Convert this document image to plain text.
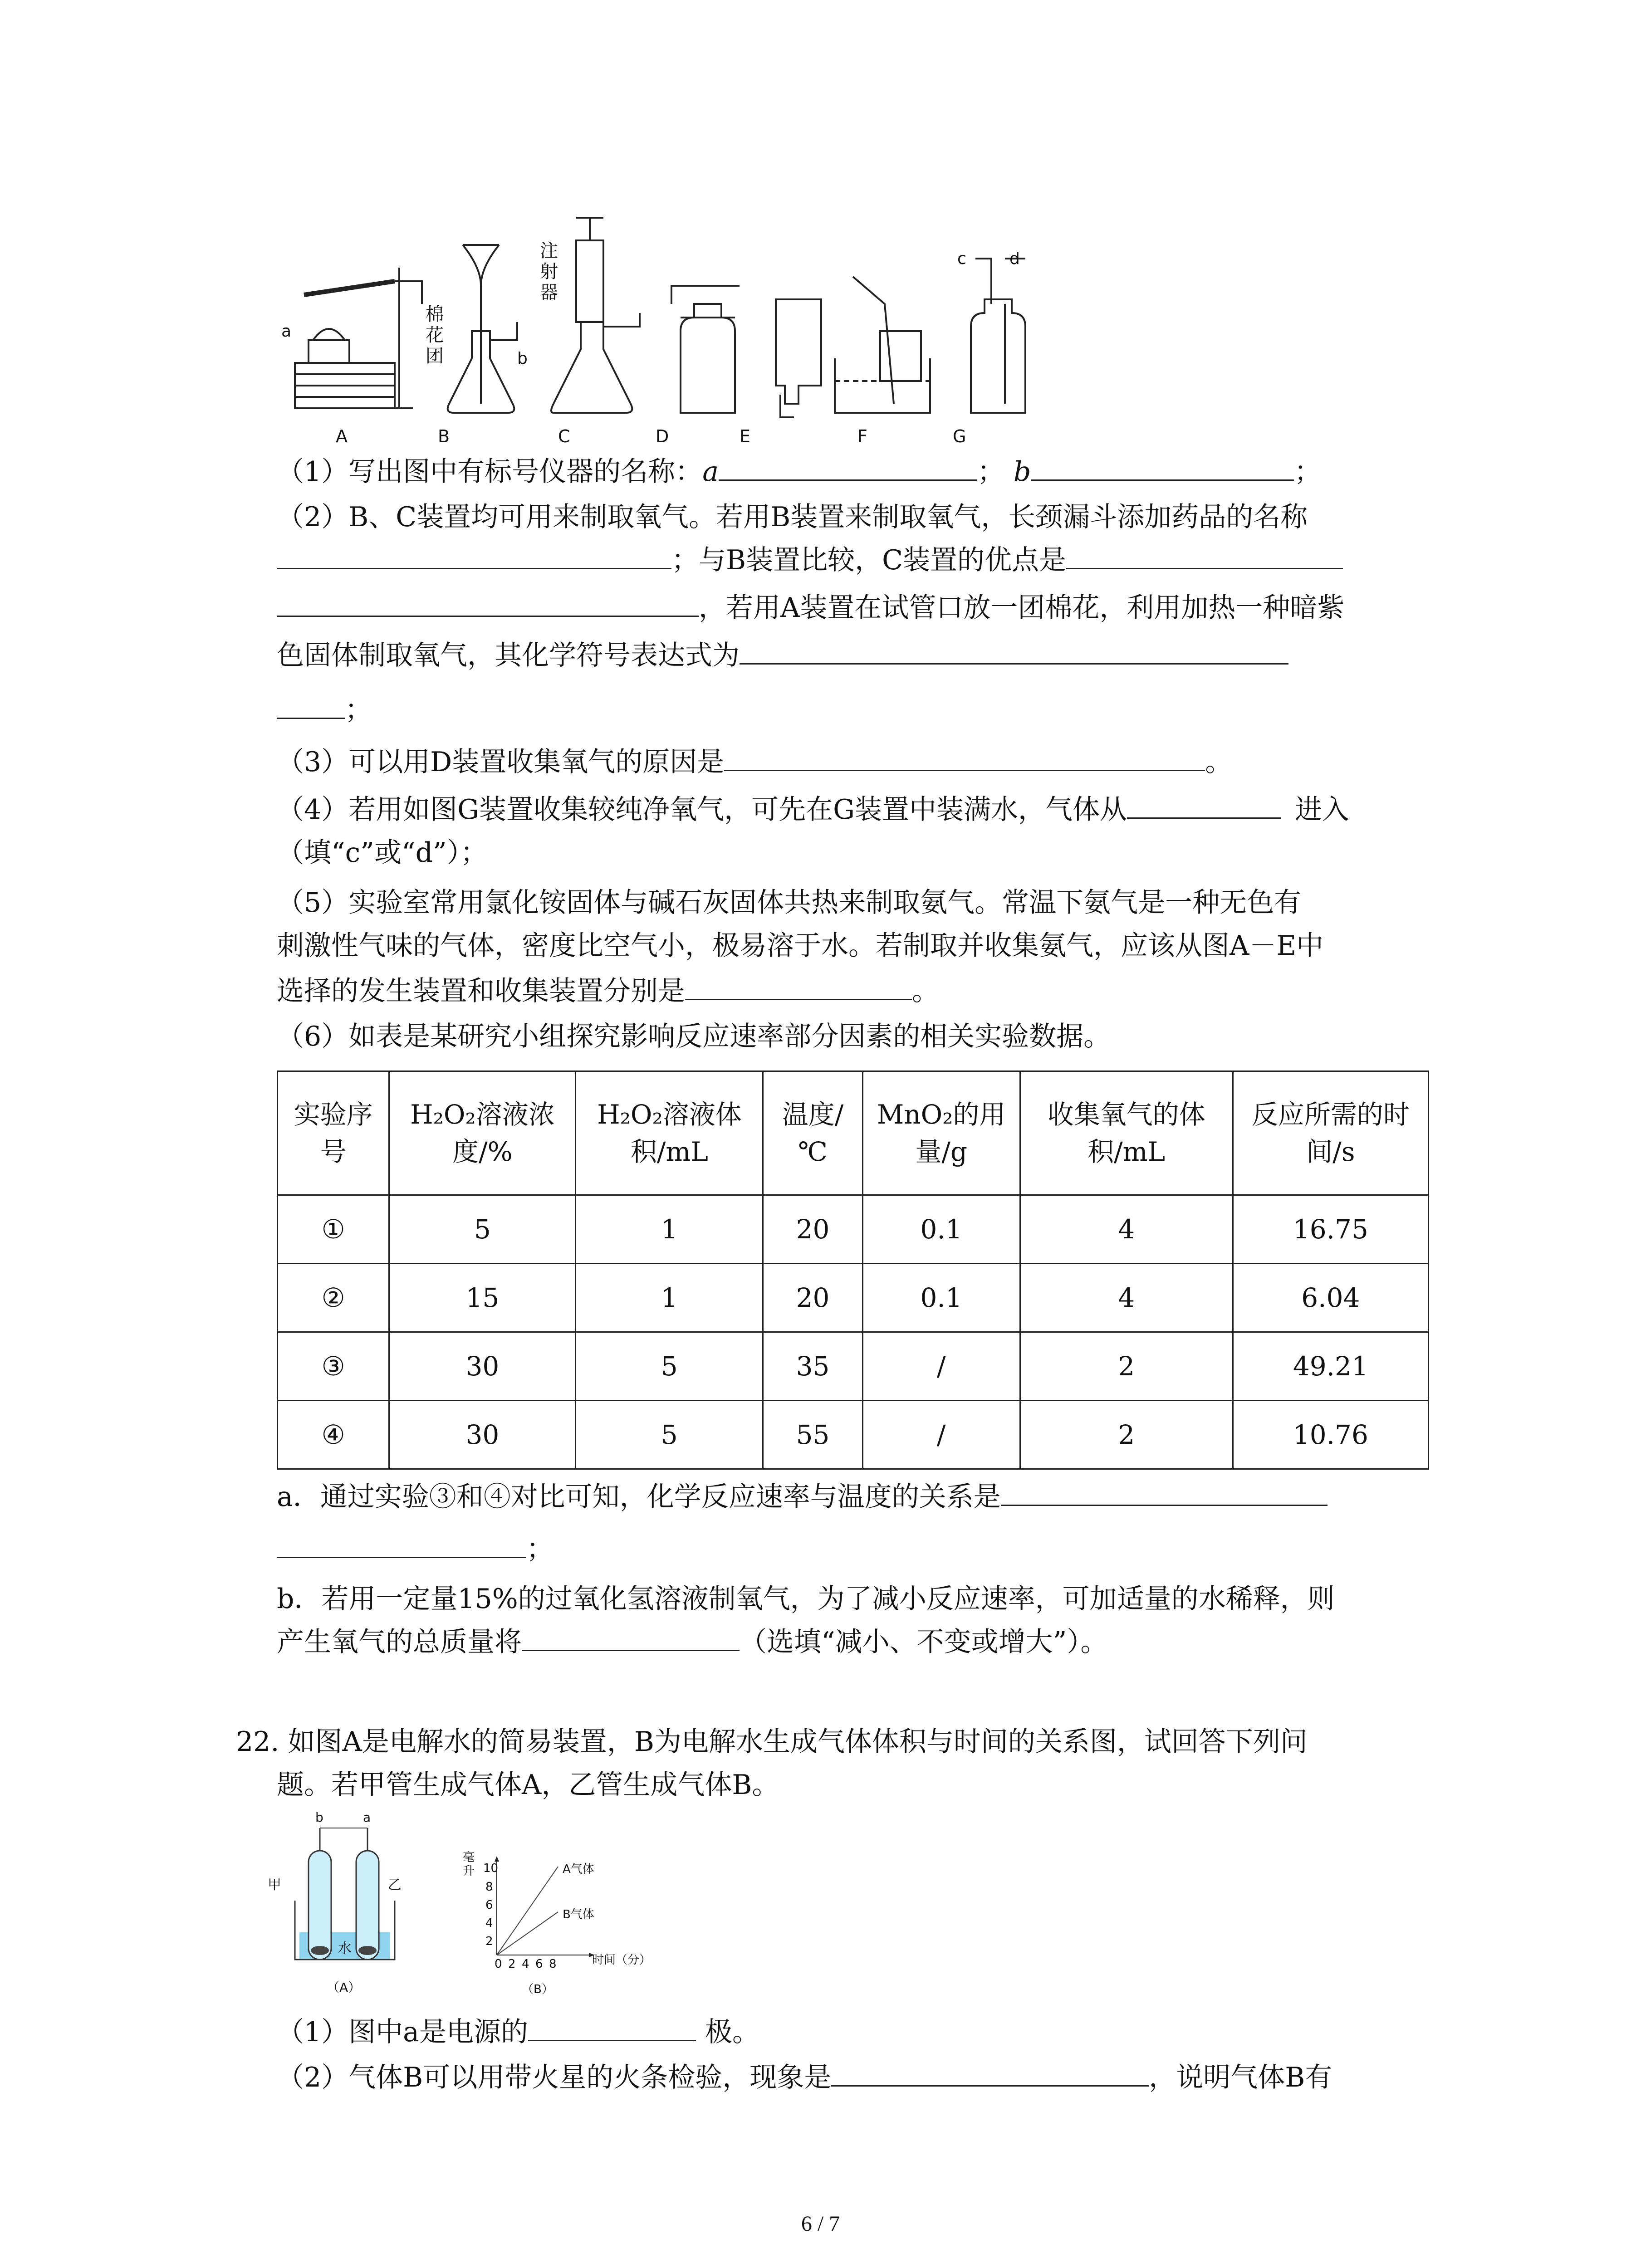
a
b
c	d
棉花团
注射器
A	B	C	D	E	F	G
（1）写出图中有标号仪器的名称：a	； b	；
（2）B、C装置均可用来制取氧气。若用B装置来制取氧气，长颈漏斗添加药品的名称
；与B装置比较，C装置的优点是
，若用A装置在试管口放一团棉花，利用加热一种暗紫
色固体制取氧气，其化学符号表达式为
；
（3）可以用D装置收集氧气的原因是	。
（4）若用如图G装置收集较纯净氧气，可先在G装置中装满水，气体从	进入
（填“c”或“d”）；
（5）实验室常用氯化铵固体与碱石灰固体共热来制取氨气。常温下氨气是一种无色有
刺激性气味的气体，密度比空气小，极易溶于水。若制取并收集氨气，应该从图A－E中
选择的发生装置和收集装置分别是	。
（6）如表是某研究小组探究影响反应速率部分因素的相关实验数据。
实验序号	H₂O₂溶液浓度/%	H₂O₂溶液体积/mL	温度/℃	MnO₂的用量/g	收集氧气的体积/mL	反应所需的时间/s
①	5	1	20	0.1	4	16.75
②	15	1	20	0.1	4	6.04
③	30	5	35	/	2	49.21
④	30	5	55	/	2	10.76
a．通过实验③和④对比可知，化学反应速率与温度的关系是
；
b．若用一定量15%的过氧化氢溶液制氧气，为了减小反应速率，可加适量的水稀释，则
产生氧气的总质量将	（选填“减小、不变或增大”）。
22. 如图A是电解水的简易装置，B为电解水生成气体体积与时间的关系图，试回答下列问
题。若甲管生成气体A，乙管生成气体B。
b	a
甲	乙
水
（A）
毫升 10
8
6
4
2
0 2 4 6 8	时间（分）
A气体
B气体
（B）
（1）图中a是电源的	极。
（2）气体B可以用带火星的火条检验，现象是	，说明气体B有
6 / 7
